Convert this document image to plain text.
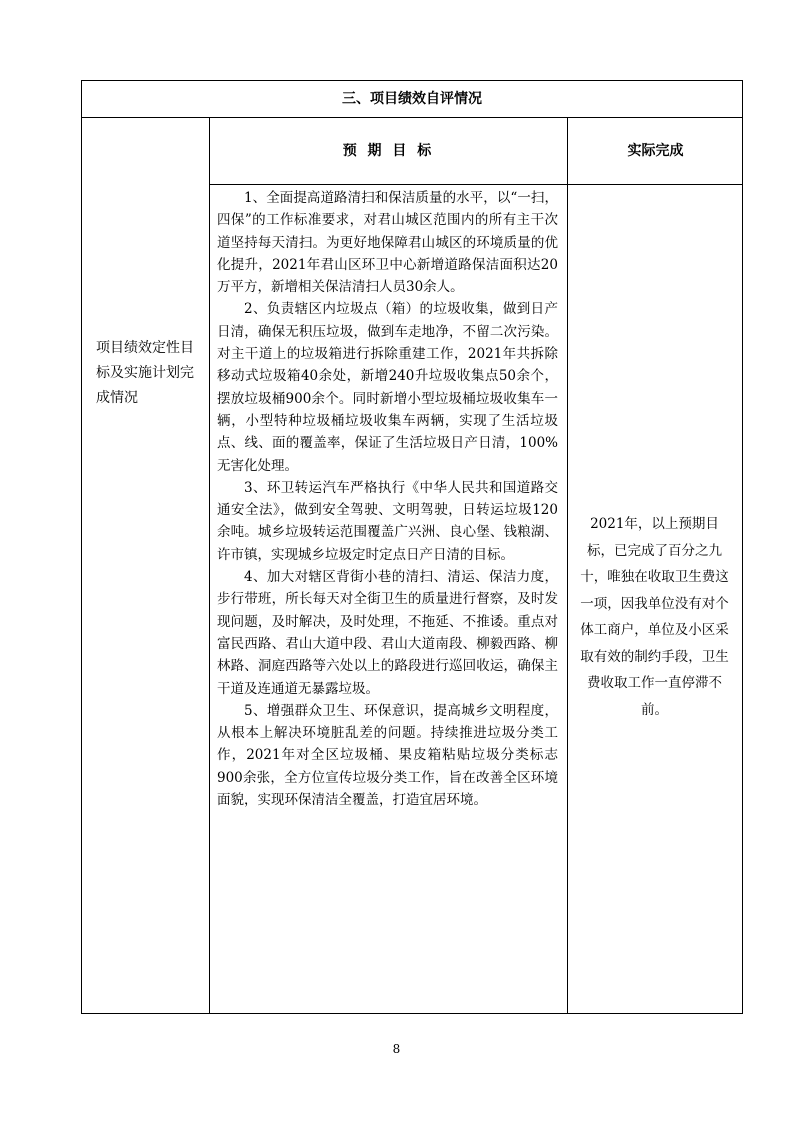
三、项目绩效自评情况
预 期 目 标	实际完成
项目绩效定性目标及实施计划完成情况

1、全面提高道路清扫和保洁质量的水平，以“一扫，四保”的工作标准要求，对君山城区范围内的所有主干次道坚持每天清扫。为更好地保障君山城区的环境质量的优化提升，2021年君山区环卫中心新增道路保洁面积达20万平方，新增相关保洁清扫人员30余人。

2、负责辖区内垃圾点（箱）的垃圾收集，做到日产日清，确保无积压垃圾，做到车走地净，不留二次污染。对主干道上的垃圾箱进行拆除重建工作，2021年共拆除移动式垃圾箱40余处，新增240升垃圾收集点50余个，摆放垃圾桶900余个。同时新增小型垃圾桶垃圾收集车一辆，小型特种垃圾桶垃圾收集车两辆，实现了生活垃圾点、线、面的覆盖率，保证了生活垃圾日产日清，100%无害化处理。

3、环卫转运汽车严格执行《中华人民共和国道路交通安全法》，做到安全驾驶、文明驾驶，日转运垃圾120余吨。城乡垃圾转运范围覆盖广兴洲、良心堡、钱粮湖、许市镇，实现城乡垃圾定时定点日产日清的目标。

4、加大对辖区背街小巷的清扫、清运、保洁力度，步行带班，所长每天对全街卫生的质量进行督察，及时发现问题，及时解决，及时处理，不拖延、不推诿。重点对富民西路、君山大道中段、君山大道南段、柳毅西路、柳林路、洞庭西路等六处以上的路段进行巡回收运，确保主干道及连通道无暴露垃圾。

5、增强群众卫生、环保意识，提高城乡文明程度，从根本上解决环境脏乱差的问题。持续推进垃圾分类工作，2021年对全区垃圾桶、果皮箱粘贴垃圾分类标志900余张，全方位宣传垃圾分类工作，旨在改善全区环境面貌，实现环保清洁全覆盖，打造宜居环境。

2021年，以上预期目标，已完成了百分之九十，唯独在收取卫生费这一项，因我单位没有对个体工商户，单位及小区采取有效的制约手段，卫生费收取工作一直停滞不前。
8
